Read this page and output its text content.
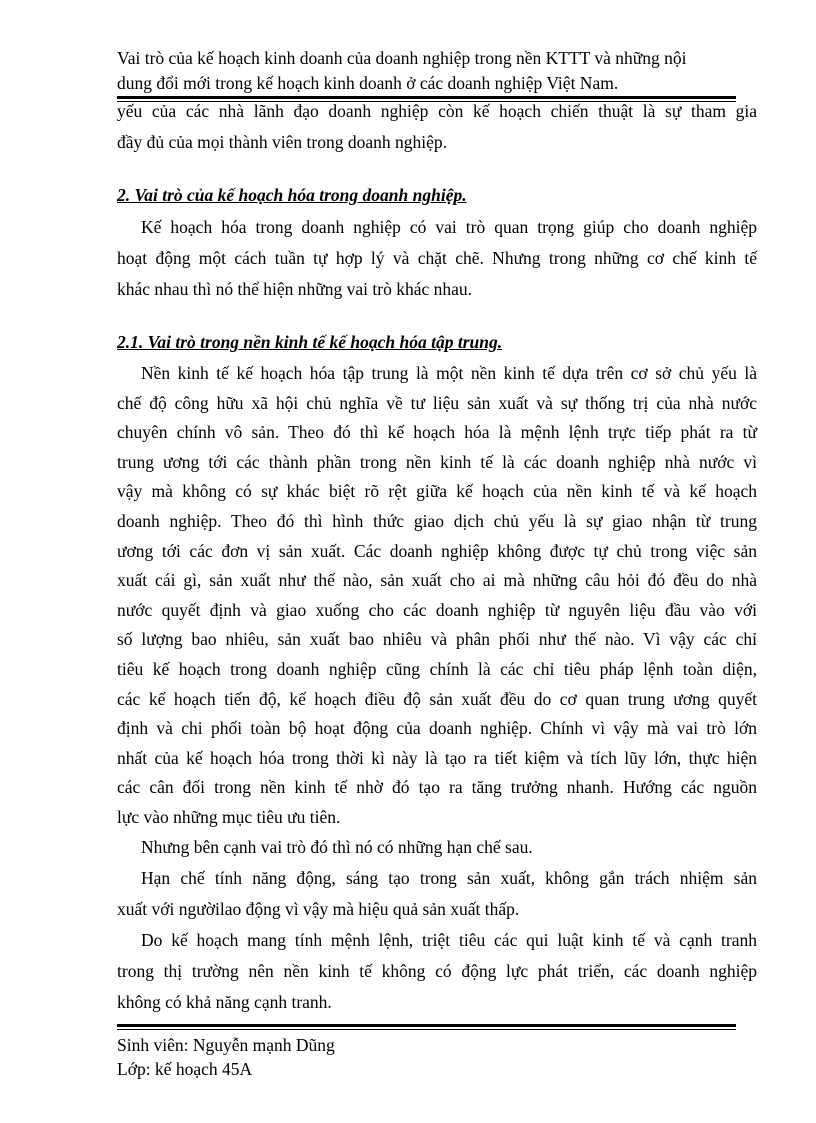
Vai trò của kế hoạch kinh doanh của doanh nghiệp trong nền KTTT và những nội
dung đổi mới trong kế hoạch kinh doanh ở các doanh nghiệp Việt Nam.
yếu của các nhà lãnh đạo doanh nghiệp còn kế hoạch chiến thuật là sự tham gia
đầy đủ của mọi thành viên trong doanh nghiệp.
2. Vai trò của kế hoạch hóa trong doanh nghiệp.
Kế hoạch hóa trong doanh nghiệp có vai trò quan trọng giúp cho doanh nghiệp
hoạt động một cách tuần tự hợp lý và chặt chẽ. Nhưng trong những cơ chế kinh tế
khác nhau thì nó thể hiện những vai trò khác nhau.
2.1. Vai trò trong nền kinh tế kế hoạch hóa tập trung.
Nền kinh tế kế hoạch hóa tập trung là một nền kinh tế dựa trên cơ sở chủ yếu là
chế độ công hữu xã hội chủ nghĩa về tư liệu sản xuất và sự thống trị của nhà nước
chuyên chính vô sản. Theo đó thì kế hoạch hóa là mệnh lệnh trực tiếp phát ra từ
trung ương tới các thành phần trong nền kinh tế là các doanh nghiệp nhà nước vì
vậy mà không có sự khác biệt rõ rệt giữa kế hoạch của nền kinh tế và kế hoạch
doanh nghiệp. Theo đó thì hình thức giao dịch chủ yếu là sự giao nhận từ trung
ương tới các đơn vị sản xuất. Các doanh nghiệp không được tự chủ trong việc sản
xuất cái gì, sản xuất như thế nào, sản xuất cho ai mà những câu hỏi đó đều do nhà
nước quyết định và giao xuống cho các doanh nghiệp từ nguyên liệu đầu vào với
số lượng bao nhiêu, sản xuất bao nhiêu và phân phối như thế nào. Vì vậy các chỉ
tiêu kế hoạch trong doanh nghiệp cũng chính là các chỉ tiêu pháp lệnh toàn diện,
các kế hoạch tiến độ, kế hoạch điều độ sản xuất đều do cơ quan trung ương quyết
định và chi phối toàn bộ hoạt động của doanh nghiệp. Chính vì vậy mà vai trò lớn
nhất của kế hoạch hóa trong thời kì này là tạo ra tiết kiệm và tích lũy lớn, thực hiện
các cân đối trong nền kinh tế nhờ đó tạo ra tăng trưởng nhanh. Hướng các nguồn
lực vào những mục tiêu ưu tiên.
Nhưng bên cạnh vai trò đó thì nó có những hạn chế sau.
Hạn chế tính năng động, sáng tạo trong sản xuất, không gắn trách nhiệm sản
xuất với ngườilao động vì vậy mà hiệu quả sản xuất thấp.
Do kế hoạch mang tính mệnh lệnh, triệt tiêu các qui luật kinh tế và cạnh tranh
trong thị trường nên nền kinh tế không có động lực phát triển, các doanh nghiệp
không có khả năng cạnh tranh.
Sinh viên: Nguyễn mạnh Dũng
Lớp: kế hoạch 45A
